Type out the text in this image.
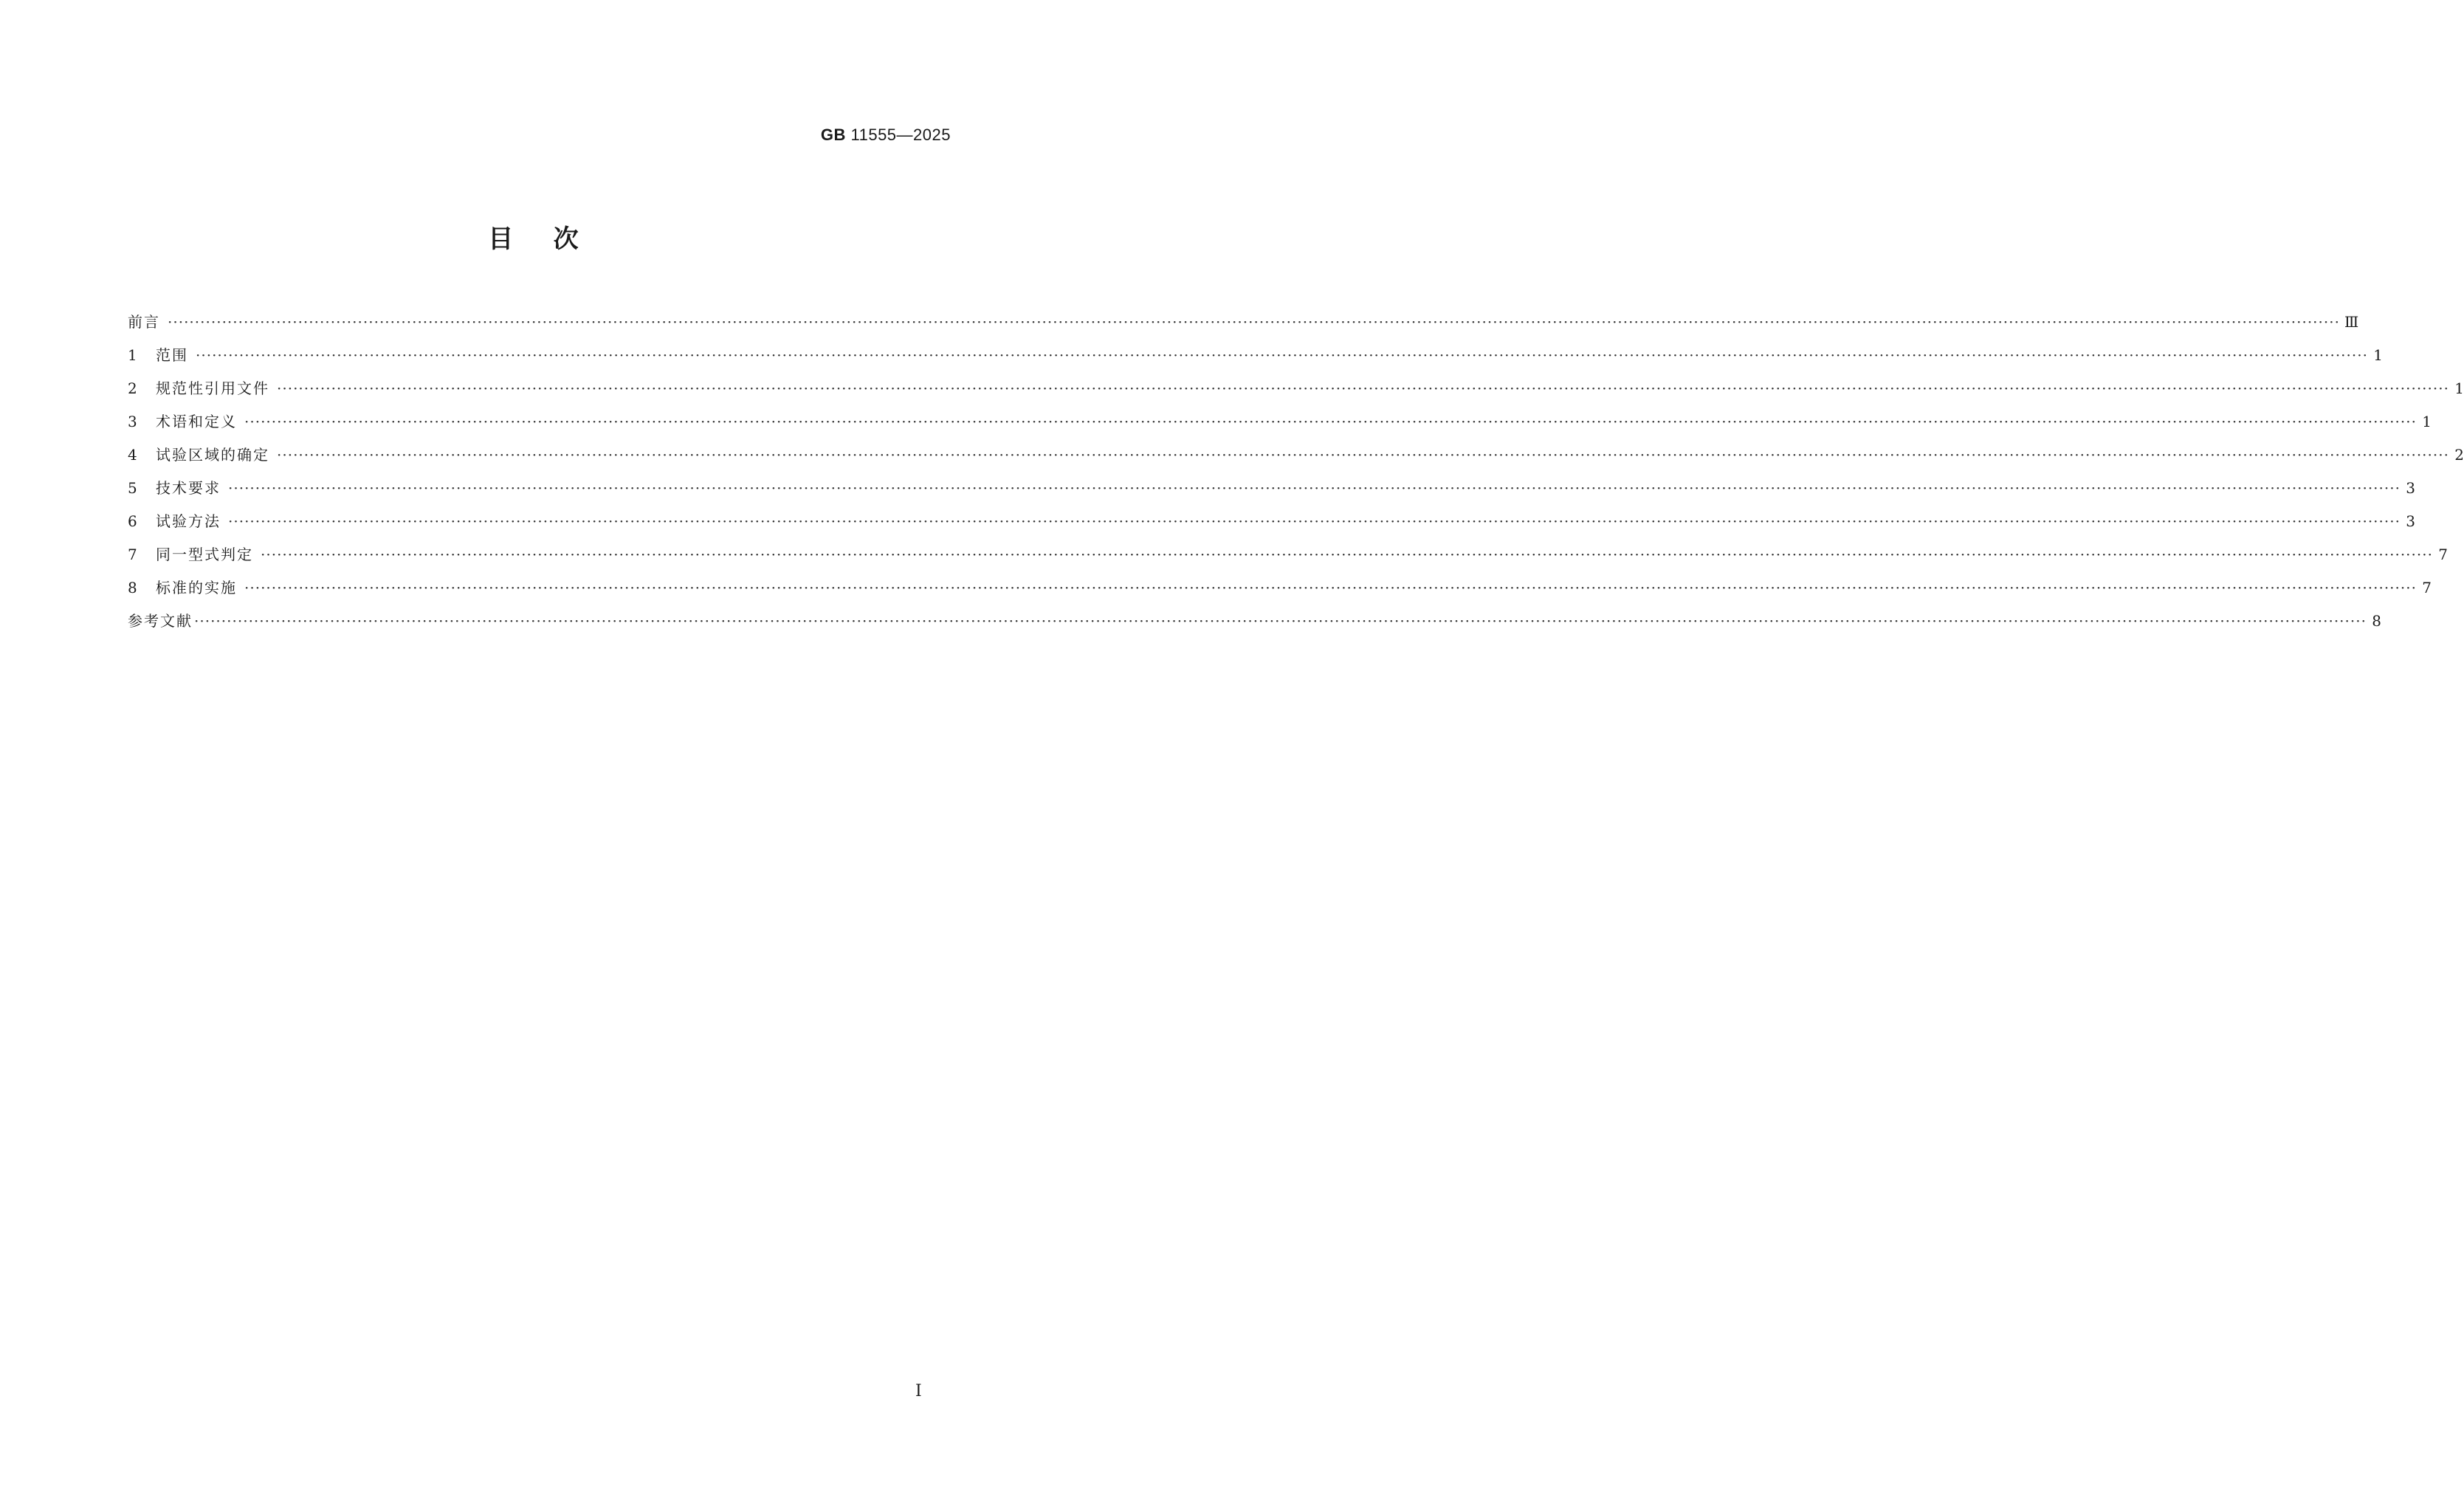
GB 11555—2025
目次
前言 ················································································································································································································································································································································································································ Ⅲ
1	范围 ················································································································································································································································································································································································································ 1
2	规范性引用文件 ················································································································································································································································································································································································································ 1
3	术语和定义 ················································································································································································································································································································································································································ 1
4	试验区域的确定 ················································································································································································································································································································································································································ 2
5	技术要求 ················································································································································································································································································································································································································ 3
6	试验方法 ················································································································································································································································································································································································································ 3
7	同一型式判定 ················································································································································································································································································································································································································ 7
8	标准的实施 ················································································································································································································································································································································································································ 7
参考文献 ················································································································································································································································································································································································································ 8
I
